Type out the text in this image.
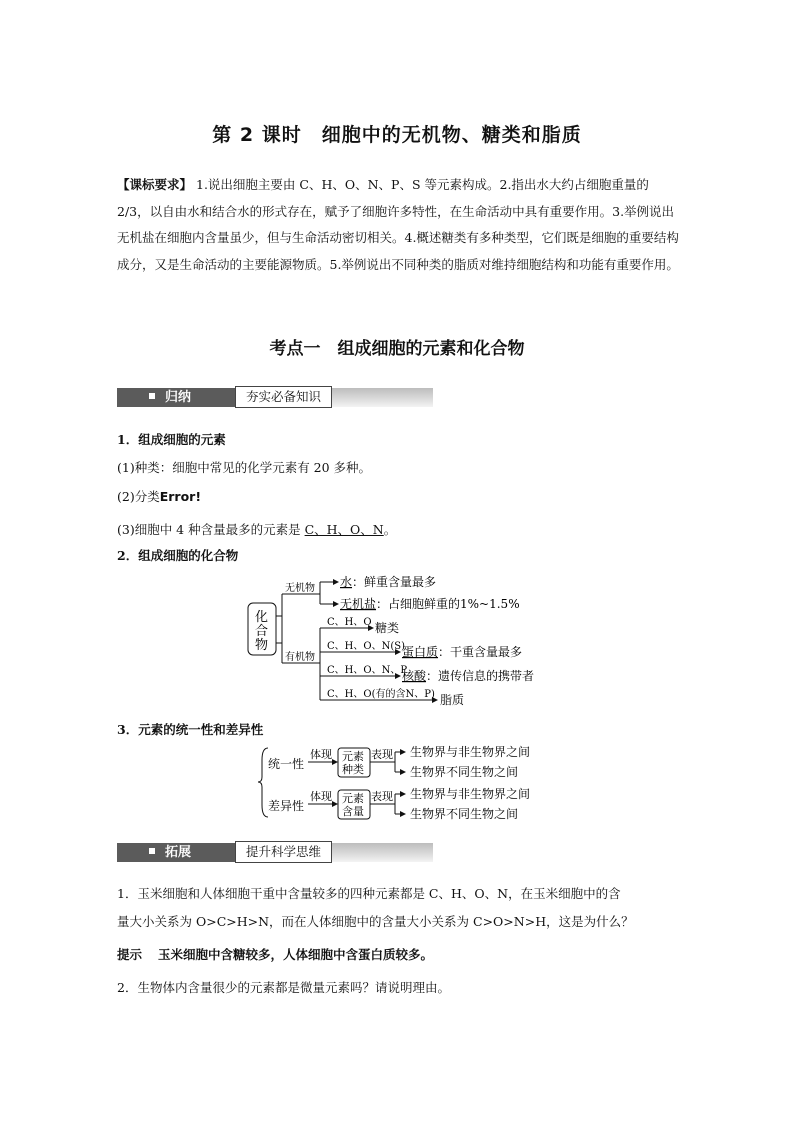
第 2 课时　细胞中的无机物、糖类和脂质
【课标要求】 1.说出细胞主要由 C、H、O、N、P、S 等元素构成。2.指出水大约占细胞重量的 2/3，以自由水和结合水的形式存在，赋予了细胞许多特性，在生命活动中具有重要作用。3.举例说出无机盐在细胞内含量虽少，但与生命活动密切相关。4.概述糖类有多种类型，它们既是细胞的重要结构成分，又是生命活动的主要能源物质。5.举例说出不同种类的脂质对维持细胞结构和功能有重要作用。
考点一　组成细胞的元素和化合物
归纳	夯实必备知识
1．组成细胞的元素
(1)种类：细胞中常见的化学元素有 20 多种。
(2)分类Error!
(3)细胞中 4 种含量最多的元素是 C、H、O、N。
2．组成细胞的化合物
化
合
物
无机物
有机物
C、H、O
C、H、O、N(S)
C、H、O、N、P
C、H、O(有的含N、P)
水：鲜重含量最多
无机盐：占细胞鲜重的1%~1.5%
糖类
蛋白质：干重含量最多
核酸：遗传信息的携带者
脂质
3．元素的统一性和差异性
统一性
差异性
生物界与非生物界之间
生物界不同生物之间
生物界与非生物界之间
生物界不同生物之间
体现
体现
表现
表现
元素
种类
元素
含量
拓展	提升科学思维
1．玉米细胞和人体细胞干重中含量较多的四种元素都是 C、H、O、N，在玉米细胞中的含
量大小关系为 O>C>H>N，而在人体细胞中的含量大小关系为 C>O>N>H，这是为什么？
提示 玉米细胞中含糖较多，人体细胞中含蛋白质较多。
2．生物体内含量很少的元素都是微量元素吗？请说明理由。
